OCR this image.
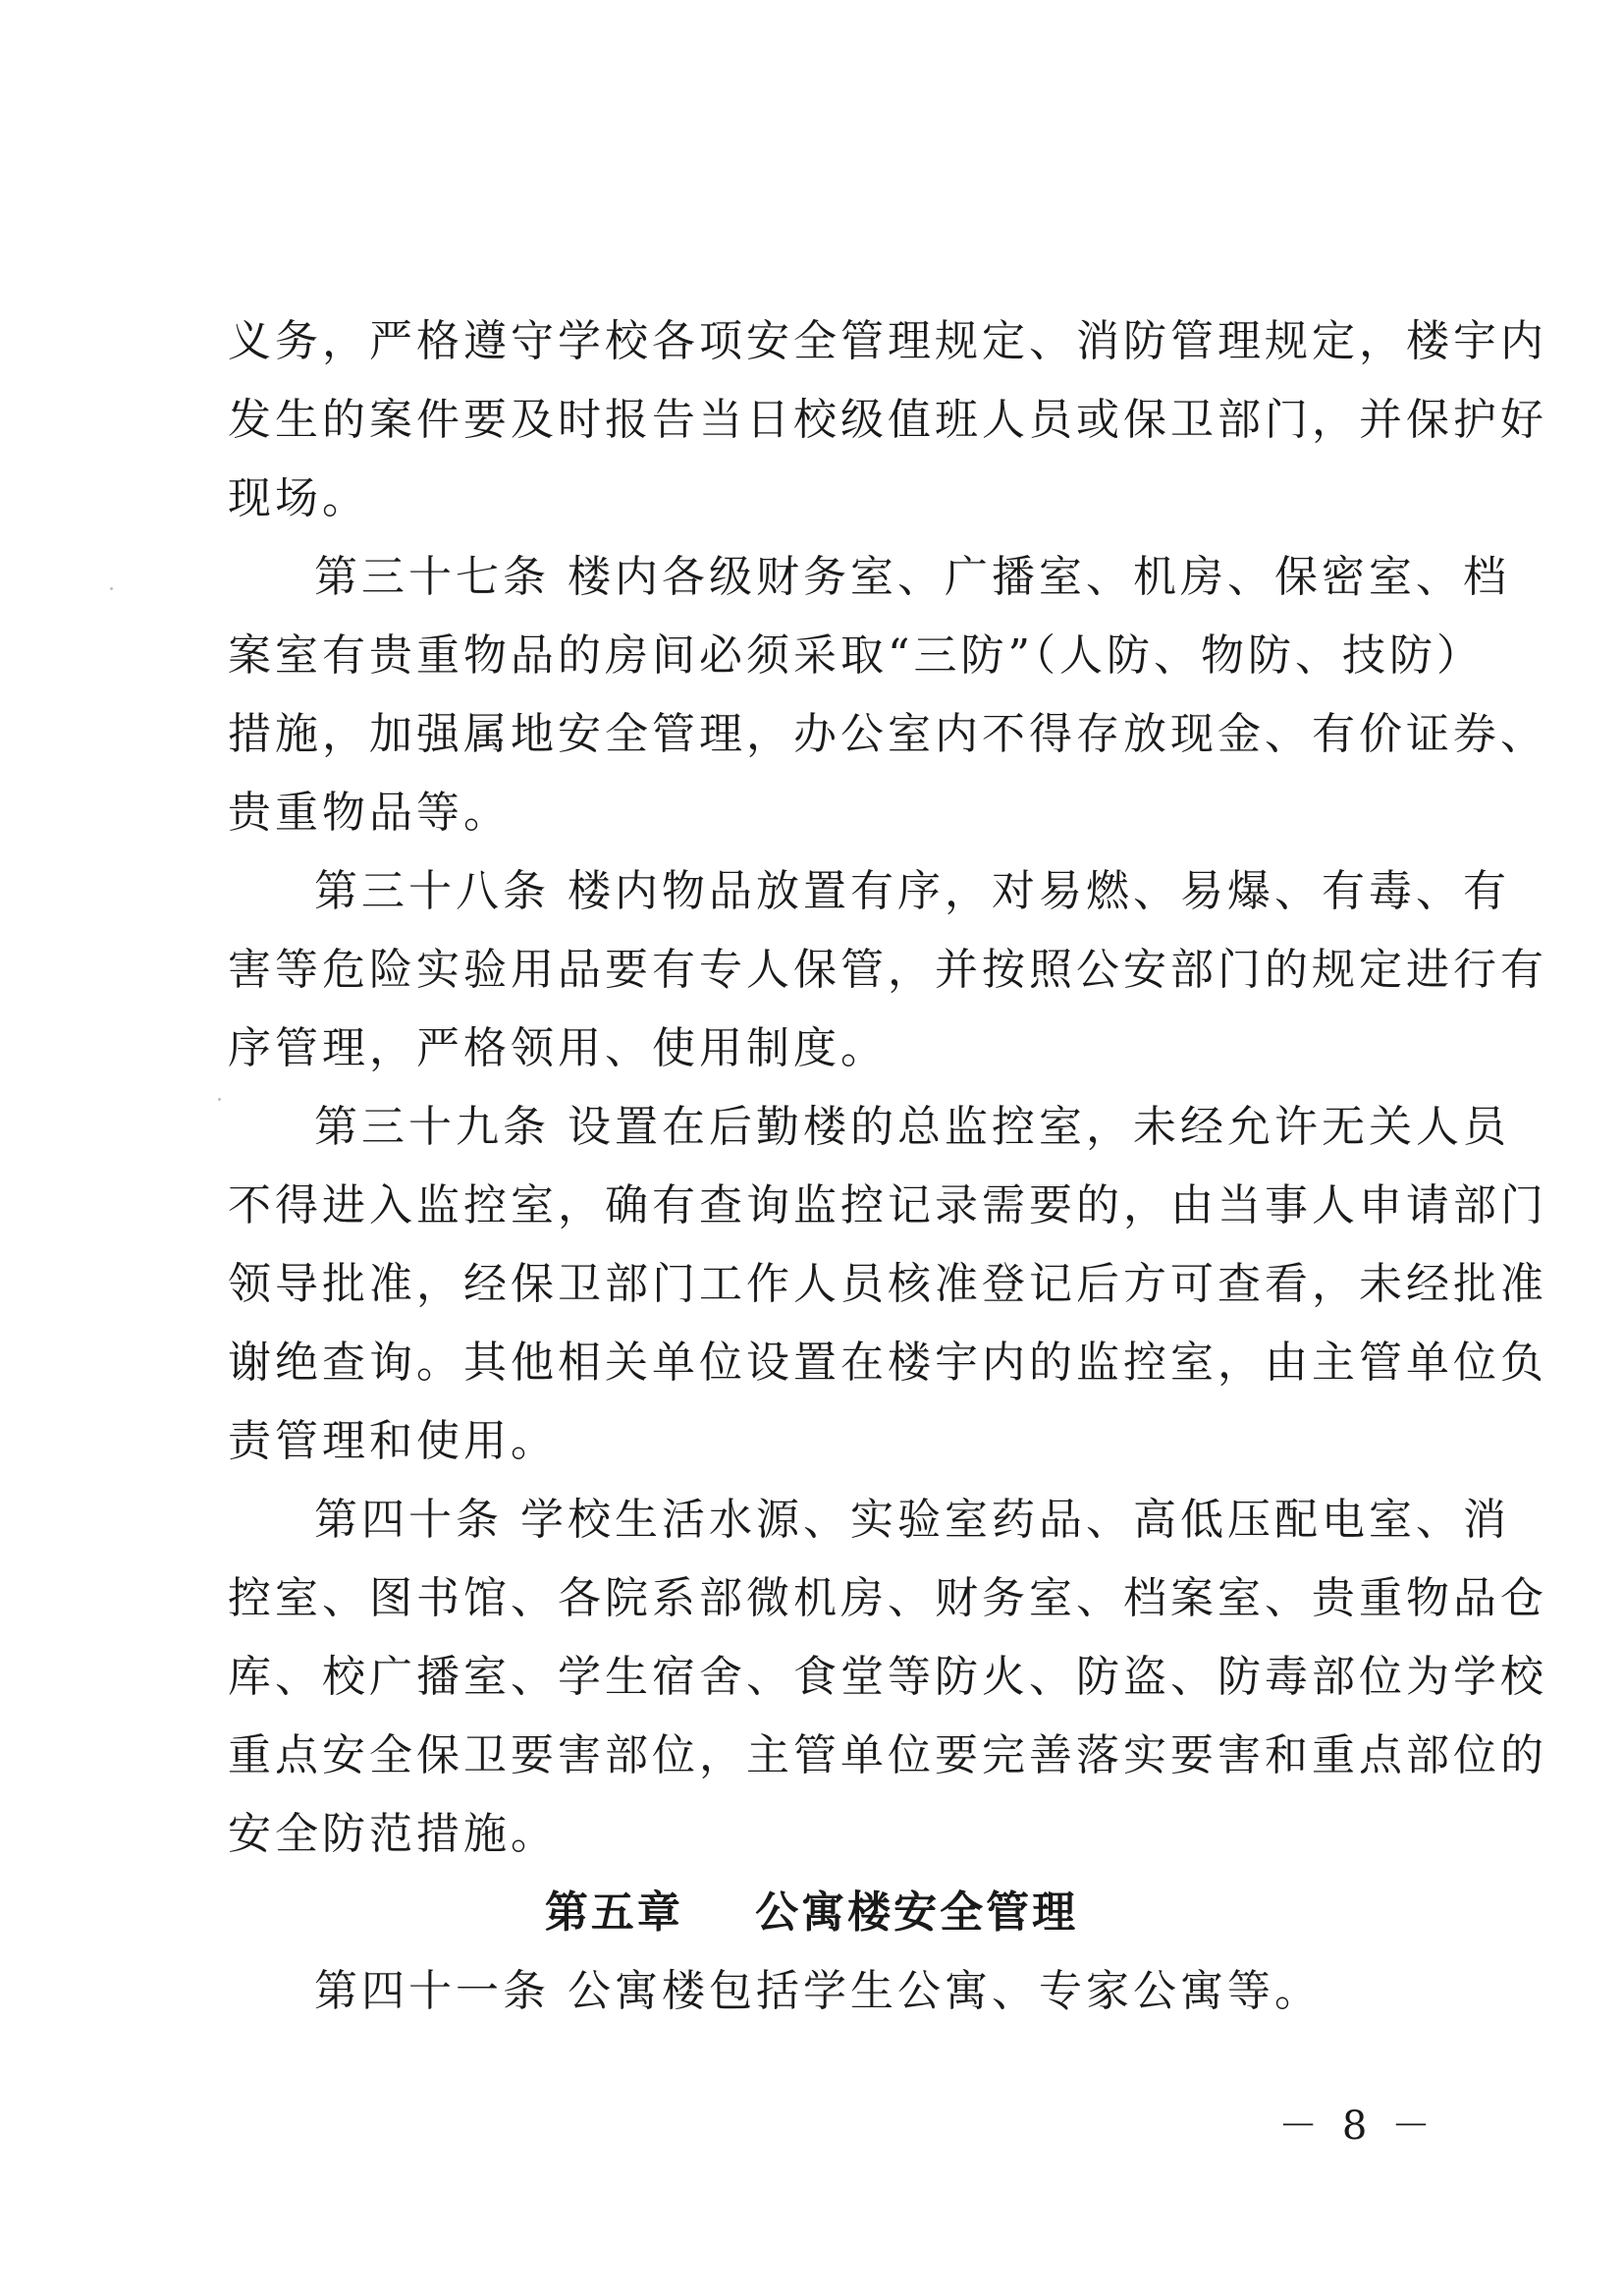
义务，严格遵守学校各项安全管理规定、消防管理规定，楼宇内
发生的案件要及时报告当日校级值班人员或保卫部门，并保护好
现场。
第三十七条 楼内各级财务室、广播室、机房、保密室、档
案室有贵重物品的房间必须采取“三防”（人防、物防、技防）
措施，加强属地安全管理，办公室内不得存放现金、有价证券、
贵重物品等。
第三十八条 楼内物品放置有序，对易燃、易爆、有毒、有
害等危险实验用品要有专人保管，并按照公安部门的规定进行有
序管理，严格领用、使用制度。
第三十九条 设置在后勤楼的总监控室，未经允许无关人员
不得进入监控室，确有查询监控记录需要的，由当事人申请部门
领导批准，经保卫部门工作人员核准登记后方可查看，未经批准
谢绝查询。其他相关单位设置在楼宇内的监控室，由主管单位负
责管理和使用。
第四十条 学校生活水源、实验室药品、高低压配电室、消
控室、图书馆、各院系部微机房、财务室、档案室、贵重物品仓
库、校广播室、学生宿舍、食堂等防火、防盗、防毒部位为学校
重点安全保卫要害部位，主管单位要完善落实要害和重点部位的
安全防范措施。
第五章    公寓楼安全管理
第四十一条 公寓楼包括学生公寓、专家公寓等。
－ 8 －
